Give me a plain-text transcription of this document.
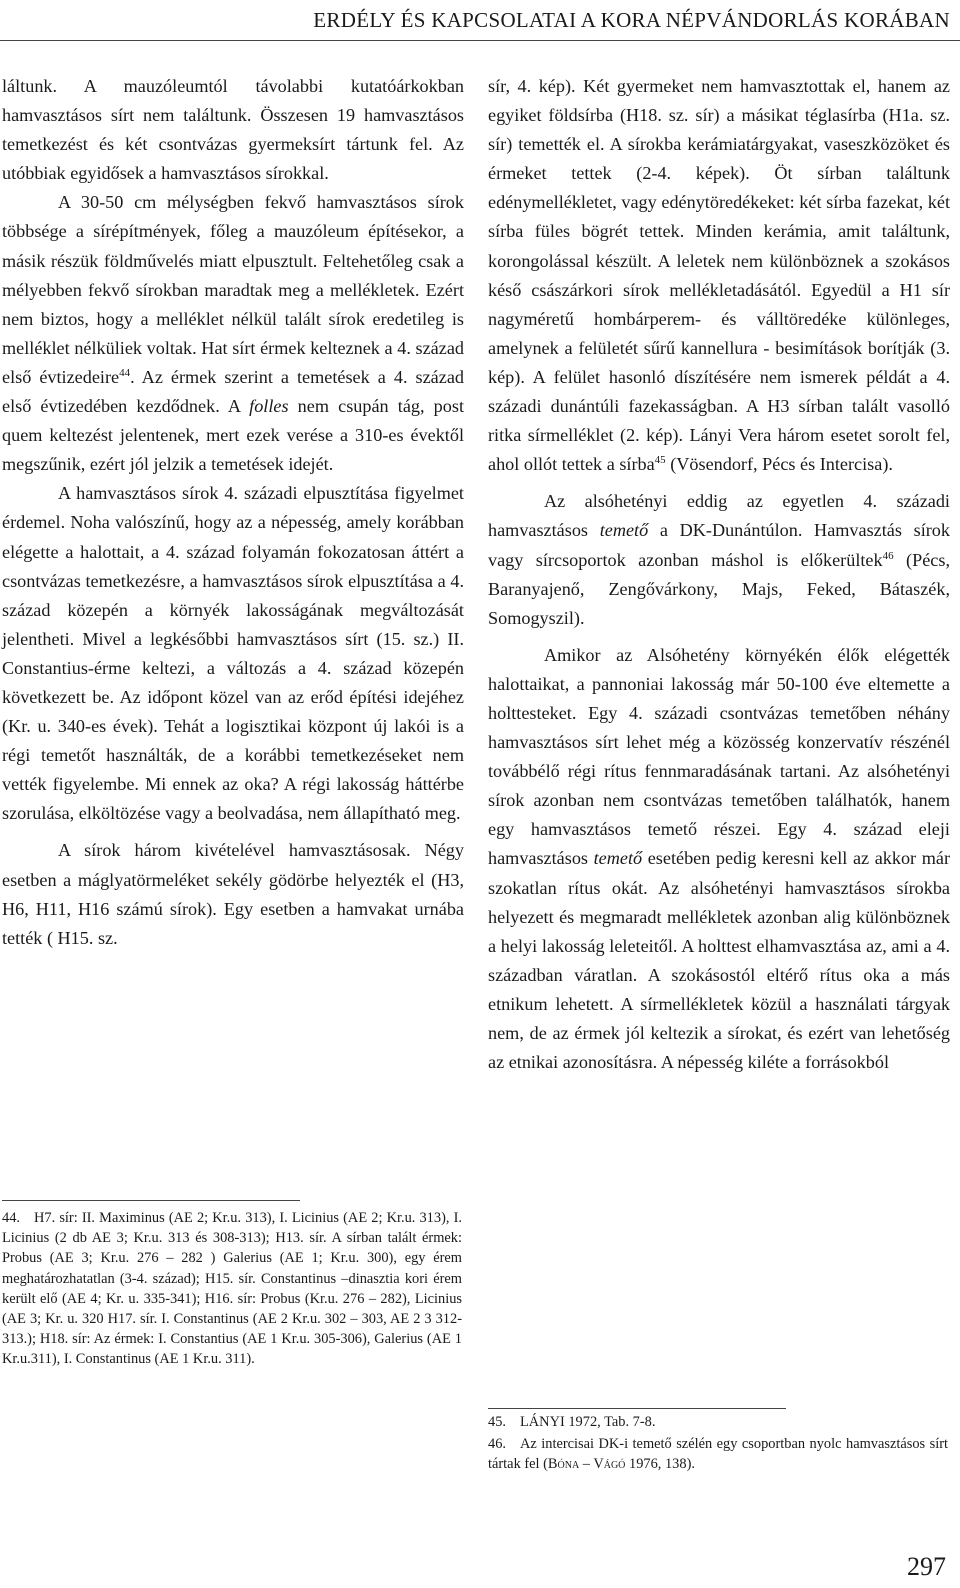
ERDÉLY ÉS KAPCSOLATAI A KORA NÉPVÁNDORLÁS KORÁBAN

láltunk. A mauzóleumtól távolabbi kutatóárkokban hamvasztásos sírt nem találtunk. Összesen 19 hamvasztásos temetkezést és két csontvázas gyermeksírt tártunk fel. Az utóbbiak egyidősek a hamvasztásos sírokkal.

A 30-50 cm mélységben fekvő hamvasztásos sírok többsége a sírépítmények, főleg a mauzóleum építésekor, a másik részük földművelés miatt elpusztult. Feltehetőleg csak a mélyebben fekvő sírokban maradtak meg a mellékletek. Ezért nem biztos, hogy a melléklet nélkül talált sírok eredetileg is melléklet nélküliek voltak. Hat sírt érmek kelteznek a 4. század első évtizedeire$^{44}$. Az érmek szerint a temetések a 4. század első évtizedében kezdődnek. A folles nem csupán tág, post quem keltezést jelentenek, mert ezek verése a 310-es évektől megszűnik, ezért jól jelzik a temetések idejét.

A hamvasztásos sírok 4. századi elpusztítása figyelmet érdemel. Noha valószínű, hogy az a népesség, amely korábban elégette a halottait, a 4. század folyamán fokozatosan áttért a csontvázas temetkezésre, a hamvasztásos sírok elpusztítása a 4. század közepén a környék lakosságának megváltozását jelentheti. Mivel a legkésőbbi hamvasztásos sírt (15. sz.) II. Constantius-érme keltezi, a változás a 4. század közepén következett be. Az időpont közel van az erőd építési idejéhez (Kr. u. 340-es évek). Tehát a logisztikai központ új lakói is a régi temetőt használták, de a korábbi temetkezéseket nem vették figyelembe. Mi ennek az oka? A régi lakosság háttérbe szorulása, elköltözése vagy a beolvadása, nem állapítható meg.

A sírok három kivételével hamvasztásosak. Négy esetben a máglyatörmeléket sekély gödörbe helyezték el (H3, H6, H11, H16 számú sírok). Egy esetben a hamvakat urnába tették ( H15. sz.

sír, 4. kép). Két gyermeket nem hamvasztottak el, hanem az egyiket földsírba (H18. sz. sír) a másikat téglasírba (H1a. sz. sír) temették el. A sírokba kerámiatárgyakat, vaseszközöket és érmeket tettek (2-4. képek). Öt sírban találtunk edénymellékletet, vagy edénytöredékeket: két sírba fazekat, két sírba füles bögrét tettek. Minden kerámia, amit találtunk, korongolással készült. A leletek nem különböznek a szokásos késő császárkori sírok mellékletadásától. Egyedül a H1 sír nagyméretű hombárperem- és válltöredéke különleges, amelynek a felületét sűrű kannellura - besimítások borítják (3. kép). A felület hasonló díszítésére nem ismerek példát a 4. századi dunántúli fazekasságban. A H3 sírban talált vasolló ritka sírmelléklet (2. kép). Lányi Vera három esetet sorolt fel, ahol ollót tettek a sírba$^{45}$ (Vösendorf, Pécs és Intercisa).

Az alsóhetényi eddig az egyetlen 4. századi hamvasztásos temető a DK-Dunántúlon. Hamvasztás sírok vagy sírcsoportok azonban máshol is előkerültek$^{46}$ (Pécs, Baranyajenő, Zengővárkony, Majs, Feked, Bátaszék, Somogyszil).

Amikor az Alsóhetény környékén élők elégették halottaikat, a pannoniai lakosság már 50-100 éve eltemette a holttesteket. Egy 4. századi csontvázas temetőben néhány hamvasztásos sírt lehet még a közösség konzervatív részénél továbbélő régi rítus fennmaradásának tartani. Az alsóhetényi sírok azonban nem csontvázas temetőben találhatók, hanem egy hamvasztásos temető részei. Egy 4. század eleji hamvasztásos temető esetében pedig keresni kell az akkor már szokatlan rítus okát. Az alsóhetényi hamvasztásos sírokba helyezett és megmaradt mellékletek azonban alig különböznek a helyi lakosság leleteitől. A holttest elhamvasztása az, ami a 4. században váratlan. A szokásostól eltérő rítus oka a más etnikum lehetett. A sírmellékletek közül a használati tárgyak nem, de az érmek jól keltezik a sírokat, és ezért van lehetőség az etnikai azonosításra. A népesség kiléte a forrásokból

44. H7. sír: II. Maximinus (AE 2; Kr.u. 313), I. Licinius (AE 2; Kr.u. 313), I. Licinius (2 db AE 3; Kr.u. 313 és 308-313); H13. sír. A sírban talált érmek: Probus (AE 3; Kr.u. 276 – 282 ) Galerius (AE 1; Kr.u. 300), egy érem meghatározhatatlan (3-4. század); H15. sír. Constantinus –dinasztia kori érem került elő (AE 4; Kr. u. 335-341); H16. sír: Probus (Kr.u. 276 – 282), Licinius (AE 3; Kr. u. 320 H17. sír. I. Constantinus (AE 2 Kr.u. 302 – 303, AE 2 3 312-313.); H18. sír: Az érmek: I. Constantius (AE 1 Kr.u. 305-306), Galerius (AE 1 Kr.u.311), I. Constantinus (AE 1 Kr.u. 311).
45. LÁNYI 1972, Tab. 7-8.
46. Az intercisai DK-i temető szélén egy csoportban nyolc hamvasztásos sírt tártak fel (Bóna – Vágó 1976, 138).
297
